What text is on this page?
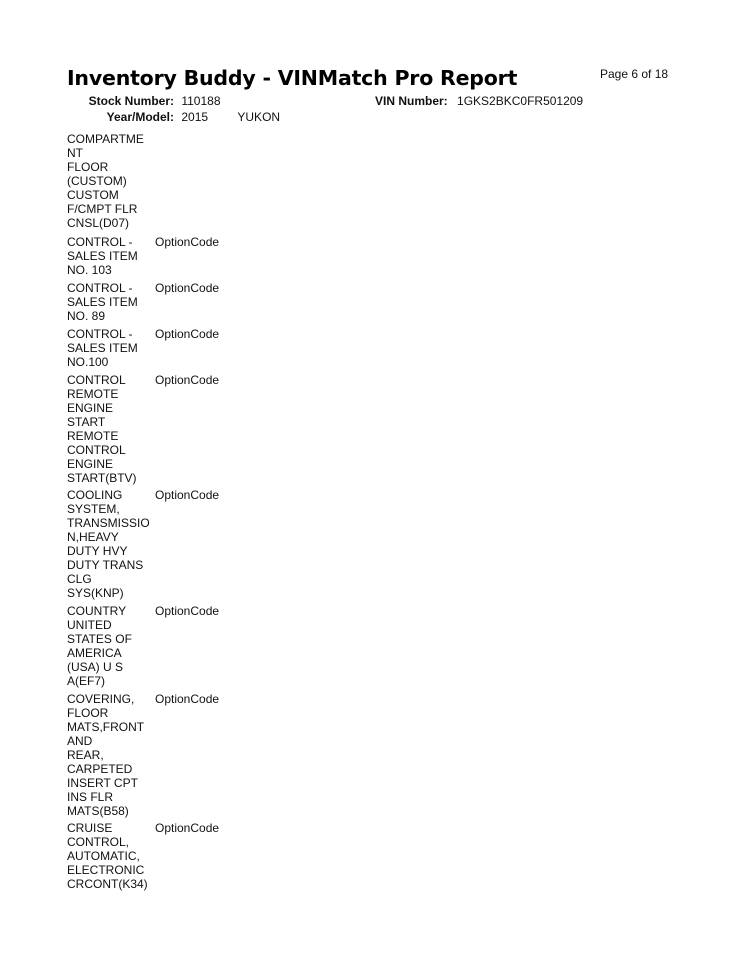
Inventory Buddy - VINMatch Pro Report	Page 6 of 18
Stock Number: 110188	VIN Number: 1GKS2BKC0FR501209
Year/Model: 2015 YUKON
COMPARTME
NT
FLOOR
(CUSTOM)
CUSTOM
F/CMPT FLR
CNSL(D07)
CONTROL -
SALES ITEM
NO. 103
OptionCode
CONTROL -
SALES ITEM
NO. 89
OptionCode
CONTROL -
SALES ITEM
NO.100
OptionCode
CONTROL
REMOTE
ENGINE
START
REMOTE
CONTROL
ENGINE
START(BTV)
OptionCode
COOLING
SYSTEM,
TRANSMISSIO
N,HEAVY
DUTY HVY
DUTY TRANS
CLG
SYS(KNP)
OptionCode
COUNTRY
UNITED
STATES OF
AMERICA
(USA) U S
A(EF7)
OptionCode
COVERING,
FLOOR
MATS,FRONT
AND
REAR,
CARPETED
INSERT CPT
INS FLR
MATS(B58)
OptionCode
CRUISE
CONTROL,
AUTOMATIC,
ELECTRONIC
CRCONT(K34)
OptionCode
